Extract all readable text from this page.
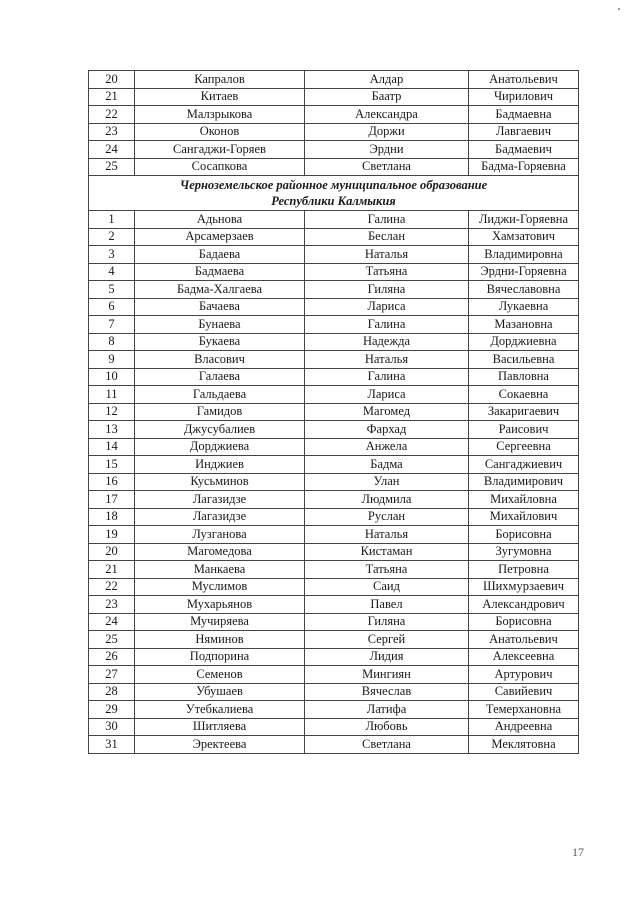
20	Капралов	Алдар	Анатольевич
21	Китаев	Баатр	Чирилович
22	Малзрыкова	Александра	Бадмаевна
23	Оконов	Доржи	Лавгаевич
24	Сангаджи-Горяев	Эрдни	Бадмаевич
25	Сосапкова	Светлана	Бадма-Горяевна

Черноземельское районное муниципальное образование
Республики Калмыкия			

1	Адьнова	Галина	Лиджи-Горяевна
2	Арсамерзаев	Беслан	Хамзатович
3	Бадаева	Наталья	Владимировна
4	Бадмаева	Татьяна	Эрдни-Горяевна
5	Бадма-Халгаева	Гиляна	Вячеславовна
6	Бачаева	Лариса	Лукаевна
7	Бунаева	Галина	Мазановна
8	Букаева	Надежда	Дорджиевна
9	Власович	Наталья	Васильевна
10	Галаева	Галина	Павловна
11	Гальдаева	Лариса	Сокаевна
12	Гамидов	Магомед	Закаригаевич
13	Джусубалиев	Фархад	Раисович
14	Дорджиева	Анжела	Сергеевна
15	Инджиев	Бадма	Сангаджиевич
16	Кусьминов	Улан	Владимирович
17	Лагазидзе	Людмила	Михайловна
18	Лагазидзе	Руслан	Михайлович
19	Лузганова	Наталья	Борисовна
20	Магомедова	Кистаман	Зугумовна
21	Манкаева	Татьяна	Петровна
22	Муслимов	Саид	Шихмурзаевич
23	Мухарьянов	Павел	Александрович
24	Мучиряева	Гиляна	Борисовна
25	Няминов	Сергей	Анатольевич
26	Подпорина	Лидия	Алексеевна
27	Семенов	Мингиян	Артурович
28	Убушаев	Вячеслав	Савийевич
29	Утебкалиева	Латифа	Темерхановна
30	Шитляева	Любовь	Андреевна
31	Эректеева	Светлана	Меклятовна
17
